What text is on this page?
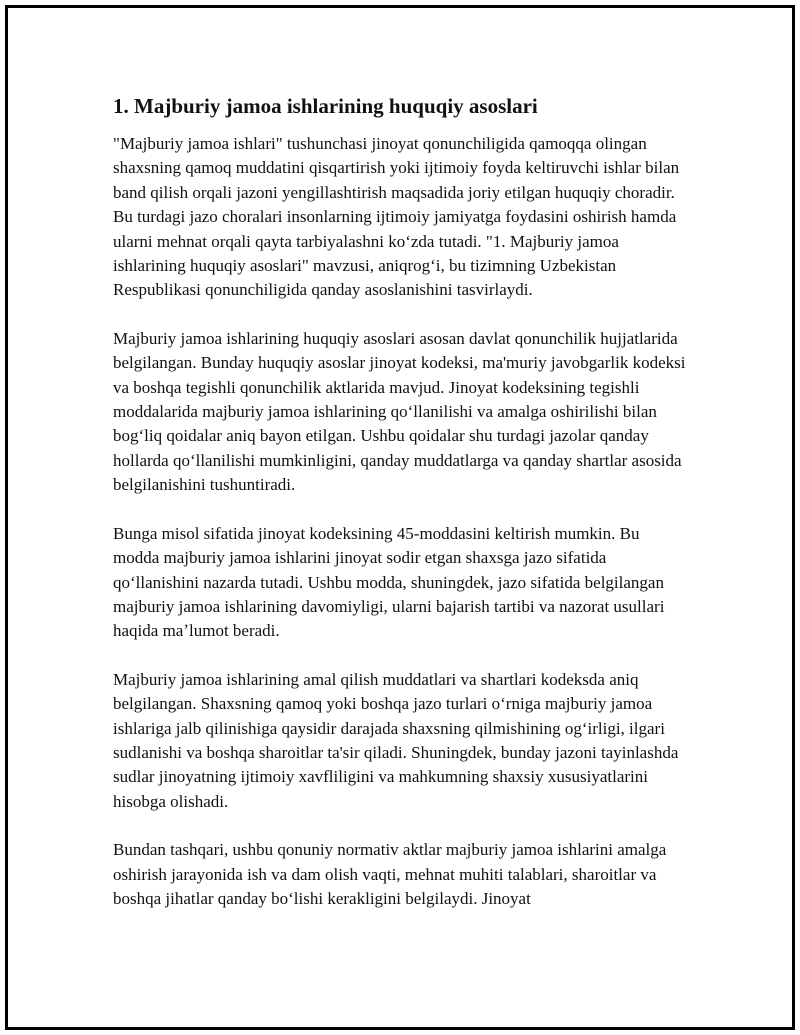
1. Majburiy jamoa ishlarining huquqiy asoslari

"Majburiy jamoa ishlari" tushunchasi jinoyat qonunchiligida qamoqqa olingan shaxsning qamoq muddatini qisqartirish yoki ijtimoiy foyda keltiruvchi ishlar bilan band qilish orqali jazoni yengillashtirish maqsadida joriy etilgan huquqiy choradir. Bu turdagi jazo choralari insonlarning ijtimoiy jamiyatga foydasini oshirish hamda ularni mehnat orqali qayta tarbiyalashni koʻzda tutadi. "1. Majburiy jamoa ishlarining huquqiy asoslari" mavzusi, aniqrogʻi, bu tizimning Uzbekistan Respublikasi qonunchiligida qanday asoslanishini tasvirlaydi.

Majburiy jamoa ishlarining huquqiy asoslari asosan davlat qonunchilik hujjatlarida belgilangan. Bunday huquqiy asoslar jinoyat kodeksi, ma'muriy javobgarlik kodeksi va boshqa tegishli qonunchilik aktlarida mavjud. Jinoyat kodeksining tegishli moddalarida majburiy jamoa ishlarining qoʻllanilishi va amalga oshirilishi bilan bogʻliq qoidalar aniq bayon etilgan. Ushbu qoidalar shu turdagi jazolar qanday hollarda qoʻllanilishi mumkinligini, qanday muddatlarga va qanday shartlar asosida belgilanishini tushuntiradi.

Bunga misol sifatida jinoyat kodeksining 45-moddasini keltirish mumkin. Bu modda majburiy jamoa ishlarini jinoyat sodir etgan shaxsga jazo sifatida qoʻllanishini nazarda tutadi. Ushbu modda, shuningdek, jazo sifatida belgilangan majburiy jamoa ishlarining davomiyligi, ularni bajarish tartibi va nazorat usullari haqida maʼlumot beradi.

Majburiy jamoa ishlarining amal qilish muddatlari va shartlari kodeksda aniq belgilangan. Shaxsning qamoq yoki boshqa jazo turlari oʻrniga majburiy jamoa ishlariga jalb qilinishiga qaysidir darajada shaxsning qilmishining ogʻirligi, ilgari sudlanishi va boshqa sharoitlar ta'sir qiladi. Shuningdek, bunday jazoni tayinlashda sudlar jinoyatning ijtimoiy xavfliligini va mahkumning shaxsiy xususiyatlarini hisobga olishadi.

Bundan tashqari, ushbu qonuniy normativ aktlar majburiy jamoa ishlarini amalga oshirish jarayonida ish va dam olish vaqti, mehnat muhiti talablari, sharoitlar va boshqa jihatlar qanday boʻlishi kerakligini belgilaydi. Jinoyat
